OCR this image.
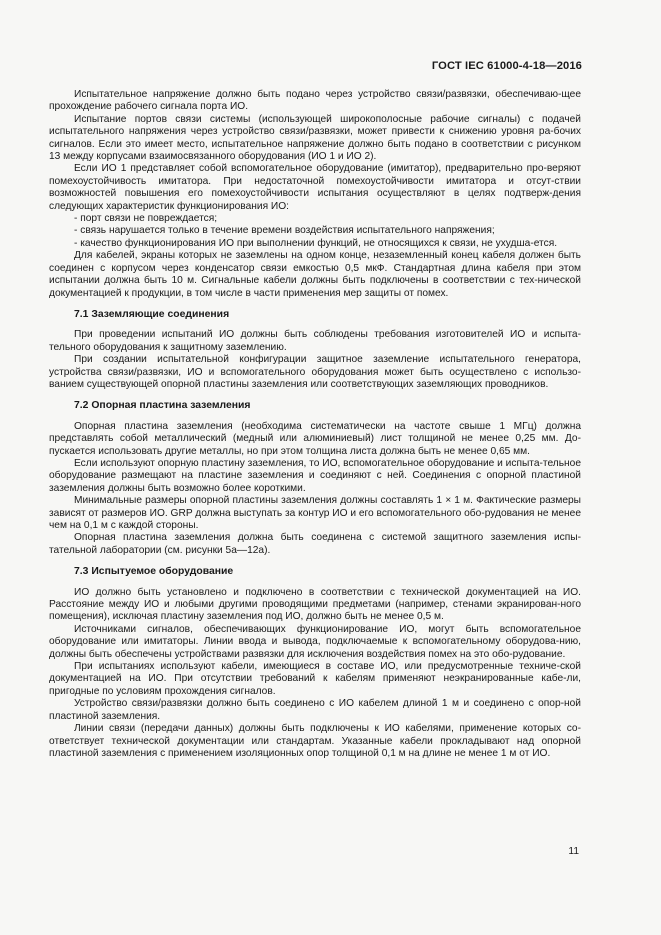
ГОСТ IEC 61000-4-18—2016

Испытательное напряжение должно быть подано через устройство связи/развязки, обеспечиваю-щее прохождение рабочего сигнала порта ИО.

Испытание портов связи системы (использующей широкополосные рабочие сигналы) с подачей испытательного напряжения через устройство связи/развязки, может привести к снижению уровня ра-бочих сигналов. Если это имеет место, испытательное напряжение должно быть подано в соответствии с рисунком 13 между корпусами взаимосвязанного оборудования (ИО 1 и ИО 2).

Если ИО 1 представляет собой вспомогательное оборудование (имитатор), предварительно про-веряют помехоустойчивость имитатора. При недостаточной помехоустойчивости имитатора и отсут-ствии возможностей повышения его помехоустойчивости испытания осуществляют в целях подтверж-дения следующих характеристик функционирования ИО:

- порт связи не повреждается;

- связь нарушается только в течение времени воздействия испытательного напряжения;

- качество функционирования ИО при выполнении функций, не относящихся к связи, не ухудша-ется.

Для кабелей, экраны которых не заземлены на одном конце, незаземленный конец кабеля должен быть соединен с корпусом через конденсатор связи емкостью 0,5 мкФ. Стандартная длина кабеля при этом испытании должна быть 10 м. Сигнальные кабели должны быть подключены в соответствии с тех-нической документацией к продукции, в том числе в части применения мер защиты от помех.

7.1 Заземляющие соединения

При проведении испытаний ИО должны быть соблюдены требования изготовителей ИО и испыта-тельного оборудования к защитному заземлению.

При создании испытательной конфигурации защитное заземление испытательного генератора, устройства связи/развязки, ИО и вспомогательного оборудования может быть осуществлено с использо-ванием существующей опорной пластины заземления или соответствующих заземляющих проводников.

7.2 Опорная пластина заземления

Опорная пластина заземления (необходима систематически на частоте свыше 1 МГц) должна представлять собой металлический (медный или алюминиевый) лист толщиной не менее 0,25 мм. До-пускается использовать другие металлы, но при этом толщина листа должна быть не менее 0,65 мм.

Если используют опорную пластину заземления, то ИО, вспомогательное оборудование и испыта-тельное оборудование размещают на пластине заземления и соединяют с ней. Соединения с опорной пластиной заземления должны быть возможно более короткими.

Минимальные размеры опорной пластины заземления должны составлять 1 × 1 м. Фактические размеры зависят от размеров ИО. GRP должна выступать за контур ИО и его вспомогательного обо-рудования не менее чем на 0,1 м с каждой стороны.

Опорная пластина заземления должна быть соединена с системой защитного заземления испы-тательной лаборатории (см. рисунки 5а—12а).

7.3 Испытуемое оборудование

ИО должно быть установлено и подключено в соответствии с технической документацией на ИО. Расстояние между ИО и любыми другими проводящими предметами (например, стенами экранирован-ного помещения), исключая пластину заземления под ИО, должно быть не менее 0,5 м.

Источниками сигналов, обеспечивающих функционирование ИО, могут быть вспомогательное оборудование или имитаторы. Линии ввода и вывода, подключаемые к вспомогательному оборудова-нию, должны быть обеспечены устройствами развязки для исключения воздействия помех на это обо-рудование.

При испытаниях используют кабели, имеющиеся в составе ИО, или предусмотренные техниче-ской документацией на ИО. При отсутствии требований к кабелям применяют неэкранированные кабе-ли, пригодные по условиям прохождения сигналов.

Устройство связи/развязки должно быть соединено с ИО кабелем длиной 1 м и соединено с опор-ной пластиной заземления.

Линии связи (передачи данных) должны быть подключены к ИО кабелями, применение которых со-ответствует технической документации или стандартам. Указанные кабели прокладывают над опорной пластиной заземления с применением изоляционных опор толщиной 0,1 м на длине не менее 1 м от ИО.

11
